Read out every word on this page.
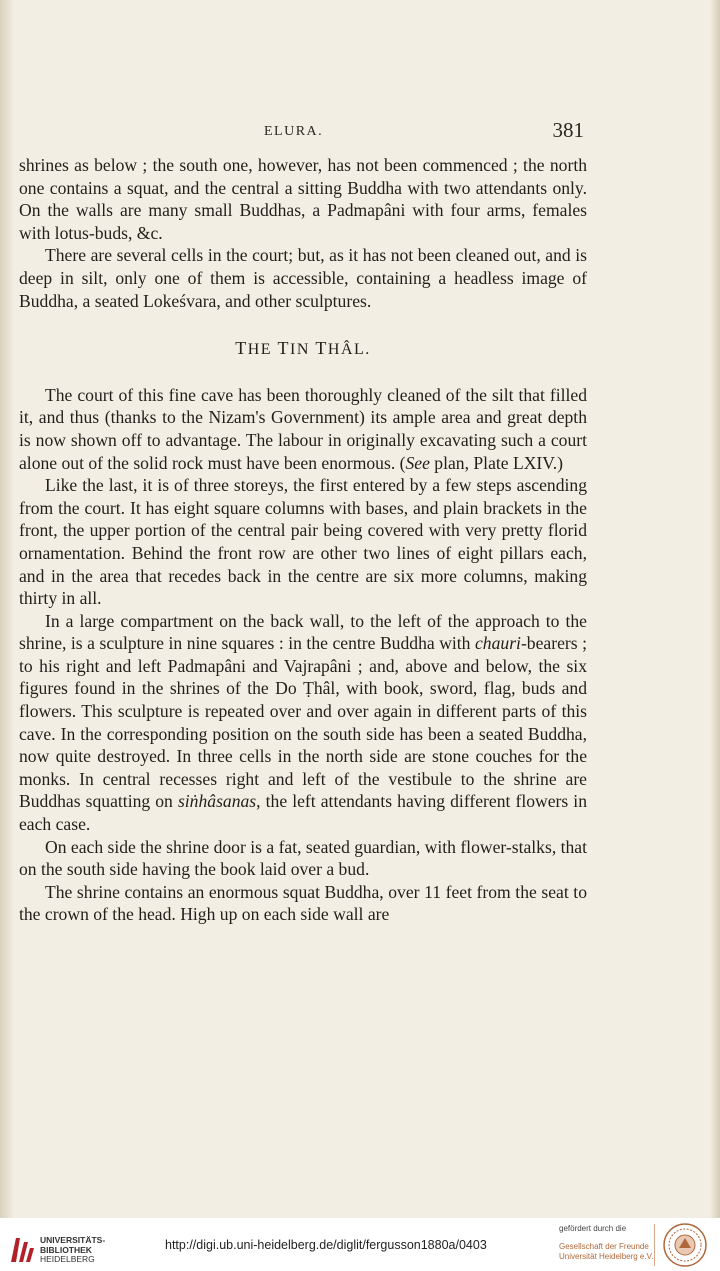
ELURA.	381

shrines as below ; the south one, however, has not been commenced ; the north one contains a squat, and the central a sitting Buddha with two attendants only. On the walls are many small Buddhas, a Padmapâni with four arms, females with lotus-buds, &c.

There are several cells in the court; but, as it has not been cleaned out, and is deep in silt, only one of them is accessible, containing a headless image of Buddha, a seated Lokeśvara, and other sculptures.

THE TIN THÂL.

The court of this fine cave has been thoroughly cleaned of the silt that filled it, and thus (thanks to the Nizam's Government) its ample area and great depth is now shown off to advantage. The labour in originally excavating such a court alone out of the solid rock must have been enormous. (See plan, Plate LXIV.)

Like the last, it is of three storeys, the first entered by a few steps ascending from the court. It has eight square columns with bases, and plain brackets in the front, the upper portion of the central pair being covered with very pretty florid ornamentation. Behind the front row are other two lines of eight pillars each, and in the area that recedes back in the centre are six more columns, making thirty in all.

In a large compartment on the back wall, to the left of the approach to the shrine, is a sculpture in nine squares : in the centre Buddha with chauri-bearers ; to his right and left Padmapâni and Vajrapâni ; and, above and below, the six figures found in the shrines of the Do Ṭhâl, with book, sword, flag, buds and flowers. This sculpture is repeated over and over again in different parts of this cave. In the corresponding position on the south side has been a seated Buddha, now quite destroyed. In three cells in the north side are stone couches for the monks. In central recesses right and left of the vestibule to the shrine are Buddhas squatting on siṅhâsanas, the left attendants having different flowers in each case.

On each side the shrine door is a fat, seated guardian, with flower-stalks, that on the south side having the book laid over a bud.

The shrine contains an enormous squat Buddha, over 11 feet from the seat to the crown of the head. High up on each side wall are

UNIVERSITÄTS-
BIBLIOTHEK
HEIDELBERG
http://digi.ub.uni-heidelberg.de/diglit/fergusson1880a/0403
gefördert durch die
Gesellschaft der Freunde
Universität Heidelberg e.V.
